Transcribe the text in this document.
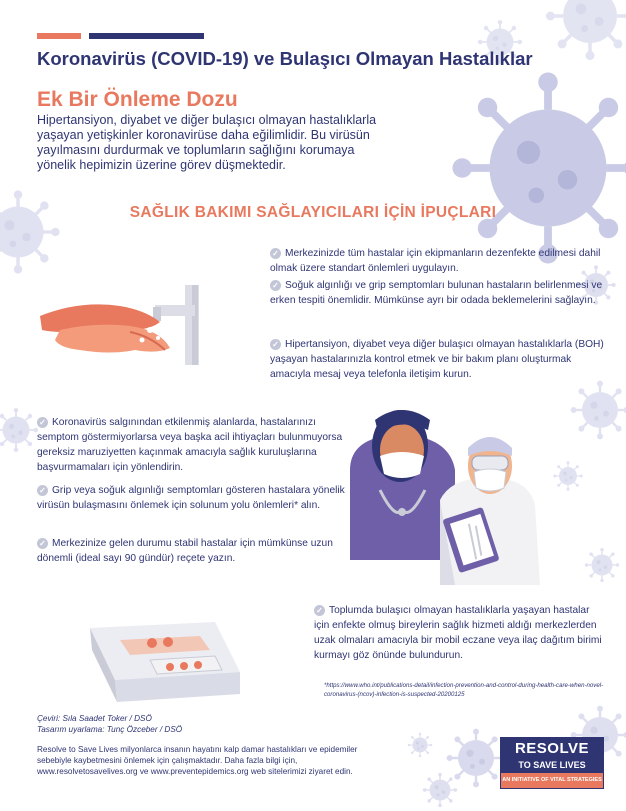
Koronavirüs (COVID-19) ve Bulaşıcı Olmayan Hastalıklar
Ek Bir Önleme Dozu
Hipertansiyon, diyabet ve diğer bulaşıcı olmayan hastalıklarla yaşayan yetişkinler koronavirüse daha eğilimlidir. Bu virüsün yayılmasını durdurmak ve toplumların sağlığını korumaya yönelik hepimizin üzerine görev düşmektedir.
SAĞLIK BAKIMI SAĞLAYICILARI İÇİN İPUÇLARI
✓ Merkezinizde tüm hastalar için ekipmanların dezenfekte edilmesi dahil olmak üzere standart önlemleri uygulayın.
✓ Soğuk algınlığı ve grip semptomları bulunan hastaların belirlenmesi ve erken tespiti önemlidir. Mümkünse ayrı bir odada beklemelerini sağlayın.
✓ Hipertansiyon, diyabet veya diğer bulaşıcı olmayan hastalıklarla (BOH) yaşayan hastalarınızla kontrol etmek ve bir bakım planı oluşturmak amacıyla mesaj veya telefonla iletişim kurun.
✓ Koronavirüs salgınından etkilenmiş alanlarda, hastalarınızı semptom göstermiyorlarsa veya başka acil ihtiyaçları bulunmuyorsa gereksiz maruziyetten kaçınmak amacıyla sağlık kuruluşlarına başvurmamaları için yönlendirin.
✓ Grip veya soğuk algınlığı semptomları gösteren hastalara yönelik virüsün bulaşmasını önlemek için solunum yolu önlemleri* alın.
✓ Merkezinize gelen durumu stabil hastalar için mümkünse uzun dönemli (ideal sayı 90 gündür) reçete yazın.
✓ Toplumda bulaşıcı olmayan hastalıklarla yaşayan hastalar için enfekte olmuş bireylerin sağlık hizmeti aldığı merkezlerden uzak olmaları amacıyla bir mobil eczane veya ilaç dağıtım birimi kurmayı göz önünde bulundurun.
*https://www.who.int/publications-detail/infection-prevention-and-control-during-health-care-when-novel-coronavirus-(ncov)-infection-is-suspected-20200125
Çeviri: Sıla Saadet Toker / DSÖ
Tasarım uyarlama: Tunç Özceber / DSÖ
Resolve to Save Lives milyonlarca insanın hayatını kalp damar hastalıkları ve epidemiler sebebiyle kaybetmesini önlemek için çalışmaktadır. Daha fazla bilgi için, www.resolvetosavelives.org ve www.preventepidemics.org web sitelerimizi ziyaret edin.
RESOLVE
TO SAVE LIVES
AN INITIATIVE OF VITAL STRATEGIES
